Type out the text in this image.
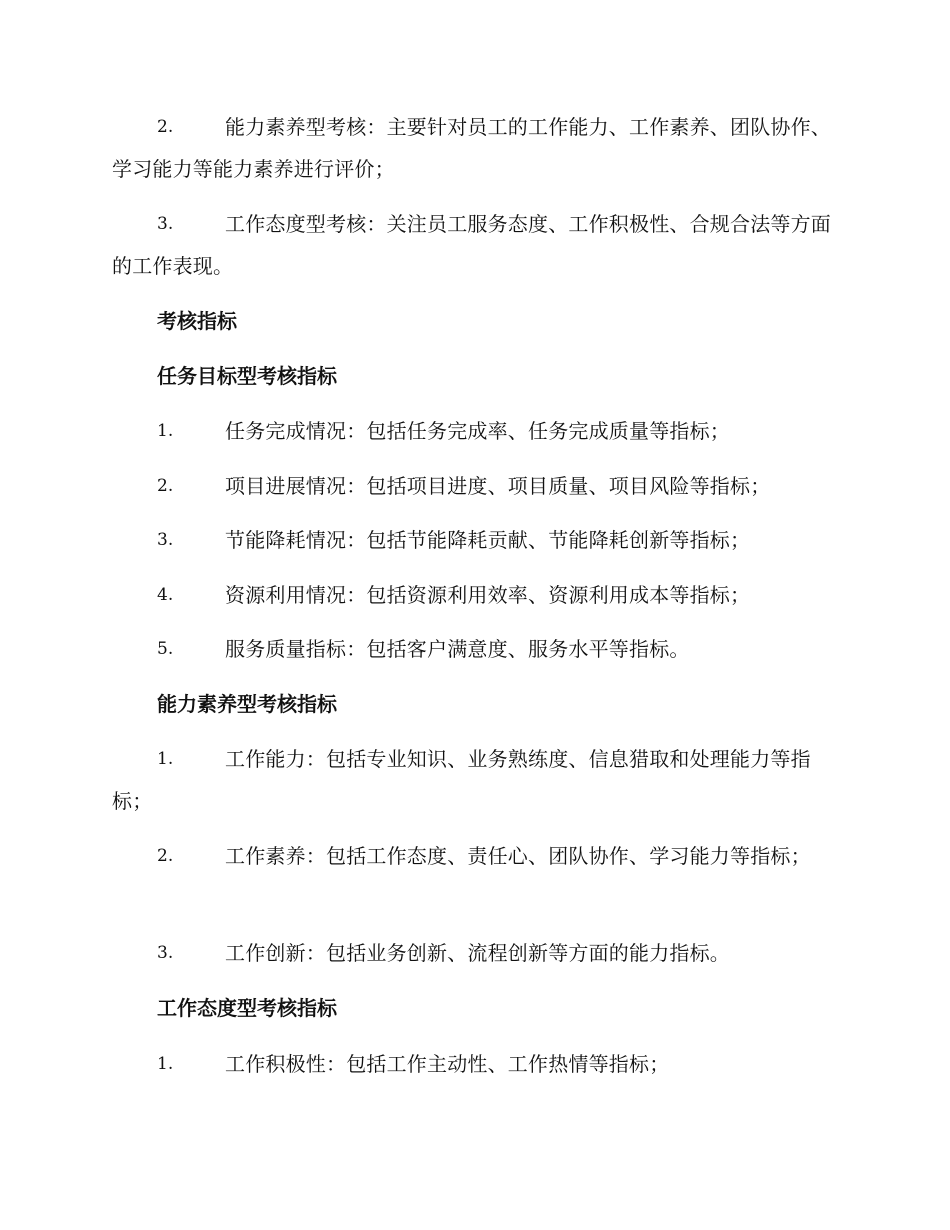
2.	能力素养型考核：主要针对员工的工作能力、工作素养、团队协作、学习能力等能力素养进行评价；
3.	工作态度型考核：关注员工服务态度、工作积极性、合规合法等方面的工作表现。
考核指标
任务目标型考核指标
1.	任务完成情况：包括任务完成率、任务完成质量等指标；
2.	项目进展情况：包括项目进度、项目质量、项目风险等指标；
3.	节能降耗情况：包括节能降耗贡献、节能降耗创新等指标；
4.	资源利用情况：包括资源利用效率、资源利用成本等指标；
5.	服务质量指标：包括客户满意度、服务水平等指标。
能力素养型考核指标
1.	工作能力：包括专业知识、业务熟练度、信息猎取和处理能力等指标；
2.	工作素养：包括工作态度、责任心、团队协作、学习能力等指标；
3.	工作创新：包括业务创新、流程创新等方面的能力指标。
工作态度型考核指标
1.	工作积极性：包括工作主动性、工作热情等指标；
